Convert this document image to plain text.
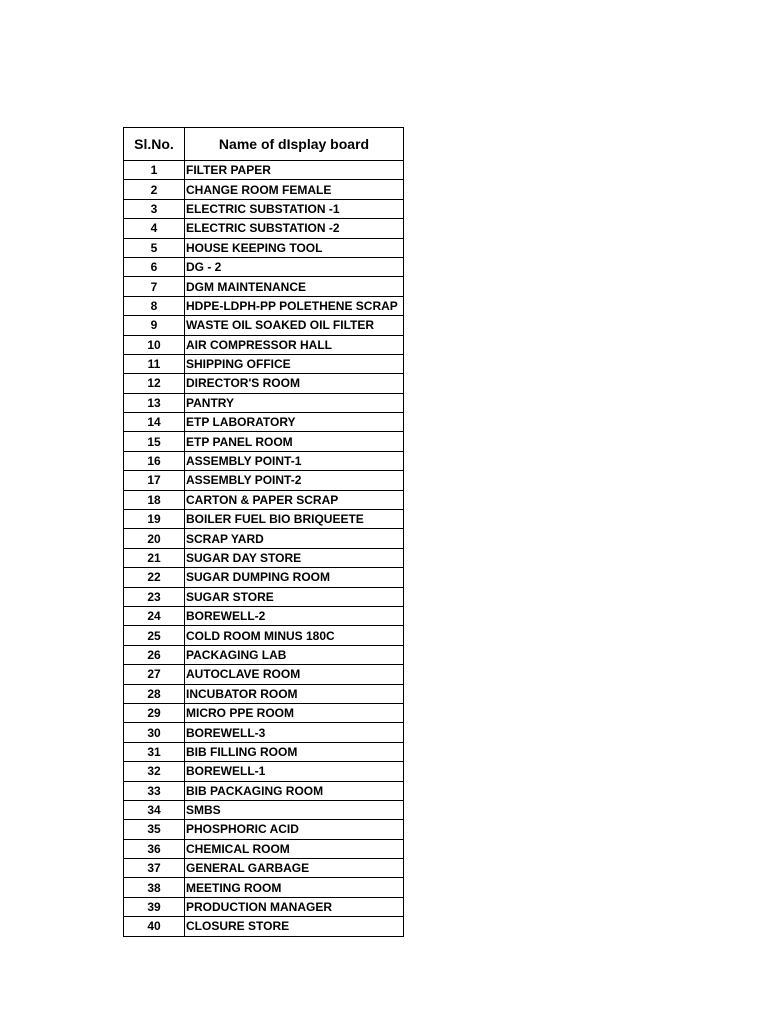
Sl.No.	Name of dIsplay board
1	FILTER PAPER
2	CHANGE ROOM FEMALE
3	ELECTRIC SUBSTATION -1
4	ELECTRIC SUBSTATION -2
5	HOUSE KEEPING TOOL
6	DG - 2
7	DGM MAINTENANCE
8	HDPE-LDPH-PP POLETHENE SCRAP
9	WASTE OIL SOAKED OIL FILTER
10	AIR COMPRESSOR HALL
11	SHIPPING OFFICE
12	DIRECTOR'S ROOM
13	PANTRY
14	ETP LABORATORY
15	ETP PANEL ROOM
16	ASSEMBLY POINT-1
17	ASSEMBLY POINT-2
18	CARTON & PAPER SCRAP
19	BOILER FUEL BIO BRIQUEETE
20	SCRAP YARD
21	SUGAR DAY STORE
22	SUGAR DUMPING ROOM
23	SUGAR STORE
24	BOREWELL-2
25	COLD ROOM MINUS 180C
26	PACKAGING LAB
27	AUTOCLAVE ROOM
28	INCUBATOR ROOM
29	MICRO PPE ROOM
30	BOREWELL-3
31	BIB FILLING ROOM
32	BOREWELL-1
33	BIB PACKAGING ROOM
34	SMBS
35	PHOSPHORIC ACID
36	CHEMICAL ROOM
37	GENERAL GARBAGE
38	MEETING ROOM
39	PRODUCTION MANAGER
40	CLOSURE STORE
